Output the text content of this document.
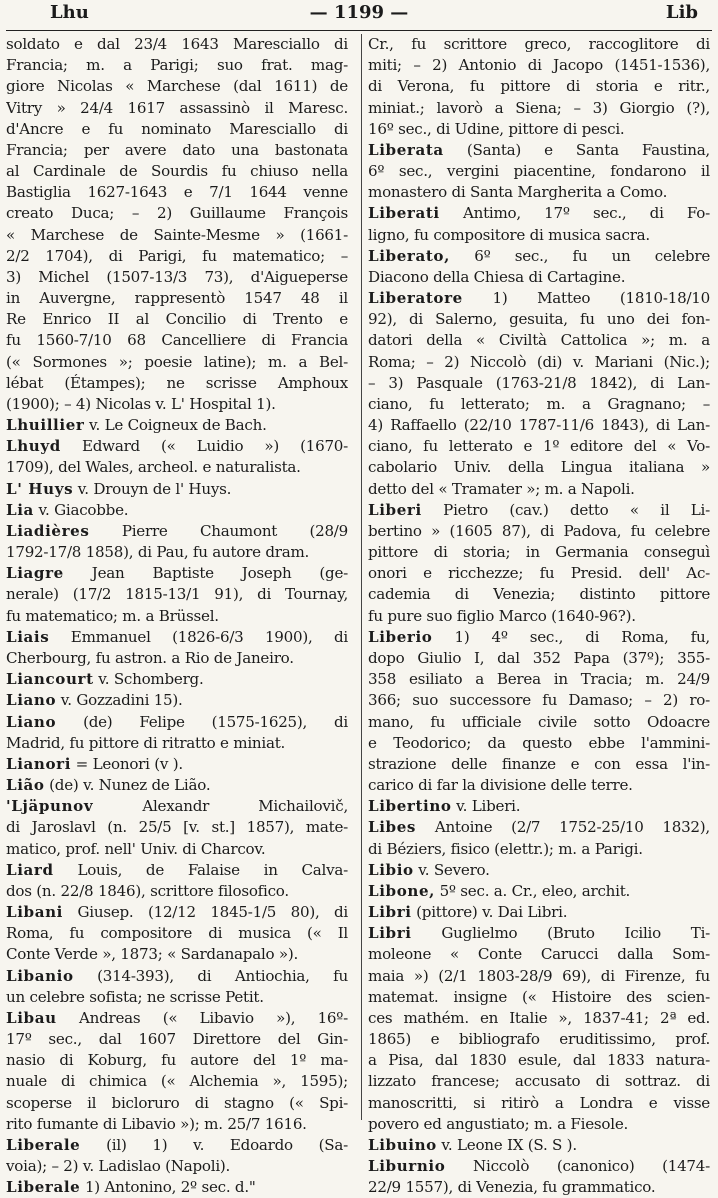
Lhu	— 1199 —	Lib

soldato e dal 23/4 1643 Maresciallo di

Francia; m. a Parigi; suo frat. mag-

giore Nicolas « Marchese (dal 1611) de

Vitry » 24/4 1617 assassinò il Maresc.

d'Ancre e fu nominato Maresciallo di

Francia; per avere dato una bastonata

al Cardinale de Sourdis fu chiuso nella

Bastiglia 1627-1643 e 7/1 1644 venne

creato Duca; – 2) Guillaume François

« Marchese de Sainte-Mesme » (1661-

2/2 1704), di Parigi, fu matematico; –

3) Michel (1507-13/3 73), d'Aigueperse

in Auvergne, rappresentò 1547 48 il

Re Enrico II al Concilio di Trento e

fu 1560-7/10 68 Cancelliere di Francia

(« Sormones »; poesie latine); m. a Bel-

lébat (Étampes); ne scrisse Amphoux

(1900); – 4) Nicolas v. L' Hospital 1).

Lhuillier v. Le Coigneux de Bach.

Lhuyd Edward (« Luidio ») (1670-

1709), del Wales, archeol. e naturalista.

L' Huys v. Drouyn de l' Huys.

Lia v. Giacobbe.

Liadières Pierre Chaumont (28/9

1792-17/8 1858), di Pau, fu autore dram.

Liagre Jean Baptiste Joseph (ge-

nerale) (17/2 1815-13/1 91), di Tournay,

fu matematico; m. a Brüssel.

Liais Emmanuel (1826-6/3 1900), di

Cherbourg, fu astron. a Rio de Janeiro.

Liancourt v. Schomberg.

Liano v. Gozzadini 15).

Liano (de) Felipe (1575-1625), di

Madrid, fu pittore di ritratto e miniat.

Lianori = Leonori (v ).

Lião (de) v. Nunez de Lião.

'Ljäpunov	Alexandr Michailovič,

di Jaroslavl (n. 25/5 [v. st.] 1857), mate-

matico, prof. nell' Univ. di Charcov.

Liard Louis, de Falaise in Calva-

dos (n. 22/8 1846), scrittore filosofico.

Libani Giusep. (12/12 1845-1/5 80), di

Roma, fu compositore di musica (« Il

Conte Verde », 1873; « Sardanapalo »).

Libanio (314-393), di Antiochia, fu

un celebre sofista; ne scrisse Petit.

Libau Andreas (« Libavio »), 16º-

17º sec., dal 1607 Direttore del Gin-

nasio di Koburg, fu autore del 1º ma-

nuale di chimica (« Alchemia », 1595);

scoperse il bicloruro di stagno (« Spi-

rito fumante di Libavio »); m. 25/7 1616.

Liberale (il) 1) v. Edoardo (Sa-

voia); – 2) v. Ladislao (Napoli).

Liberale 1) Antonino, 2º sec. d."

Cr., fu scrittore greco, raccoglitore di

miti; – 2) Antonio di Jacopo (1451-1536),

di Verona, fu pittore di storia e ritr.,

miniat.; lavorò a Siena; – 3) Giorgio (?),

16º sec., di Udine, pittore di pesci.

Liberata (Santa) e Santa Faustina,

6º sec., vergini piacentine, fondarono il

monastero di Santa Margherita a Como.

Liberati Antimo, 17º sec., di Fo-

ligno, fu compositore di musica sacra.

Liberato, 6º sec., fu un celebre

Diacono della Chiesa di Cartagine.

Liberatore 1) Matteo (1810-18/10

92), di Salerno, gesuita, fu uno dei fon-

datori della « Civiltà Cattolica »; m. a

Roma; – 2) Niccolò (di) v. Mariani (Nic.);

– 3) Pasquale (1763-21/8 1842), di Lan-

ciano, fu letterato; m. a Gragnano; –

4) Raffaello (22/10 1787-11/6 1843), di Lan-

ciano, fu letterato e 1º editore del « Vo-

cabolario Univ. della Lingua italiana »

detto del « Tramater »; m. a Napoli.

Liberi Pietro (cav.) detto « il Li-

bertino » (1605 87), di Padova, fu celebre

pittore di storia; in Germania conseguì

onori e ricchezze; fu Presid. dell' Ac-

cademia di Venezia; distinto pittore

fu pure suo figlio Marco (1640-96?).

Liberio 1) 4º sec., di Roma, fu,

dopo Giulio I, dal 352 Papa (37º); 355-

358 esiliato a Berea in Tracia; m. 24/9

366; suo successore fu Damaso; – 2) ro-

mano, fu ufficiale civile sotto Odoacre

e Teodorico; da questo ebbe l'ammini-

strazione delle finanze e con essa l'in-

carico di far la divisione delle terre.

Libertino v. Liberi.

Libes Antoine (2/7 1752-25/10 1832),

di Béziers, fisico (elettr.); m. a Parigi.

Libio v. Severo.

Libone, 5º sec. a. Cr., eleo, archit.

Libri (pittore) v. Dai Libri.

Libri Guglielmo (Bruto Icilio Ti-

moleone « Conte Carucci dalla Som-

maia ») (2/1 1803-28/9 69), di Firenze, fu

matemat. insigne (« Histoire des scien-

ces mathém. en Italie », 1837-41; 2ª ed.

1865) e bibliografo eruditissimo, prof.

a Pisa, dal 1830 esule, dal 1833 natura-

lizzato francese; accusato di sottraz. di

manoscritti, si ritirò a Londra e visse

povero ed angustiato; m. a Fiesole.

Libuino v. Leone IX (S. S ).

Liburnio Niccolò (canonico) (1474-

22/9 1557), di Venezia, fu grammatico.
